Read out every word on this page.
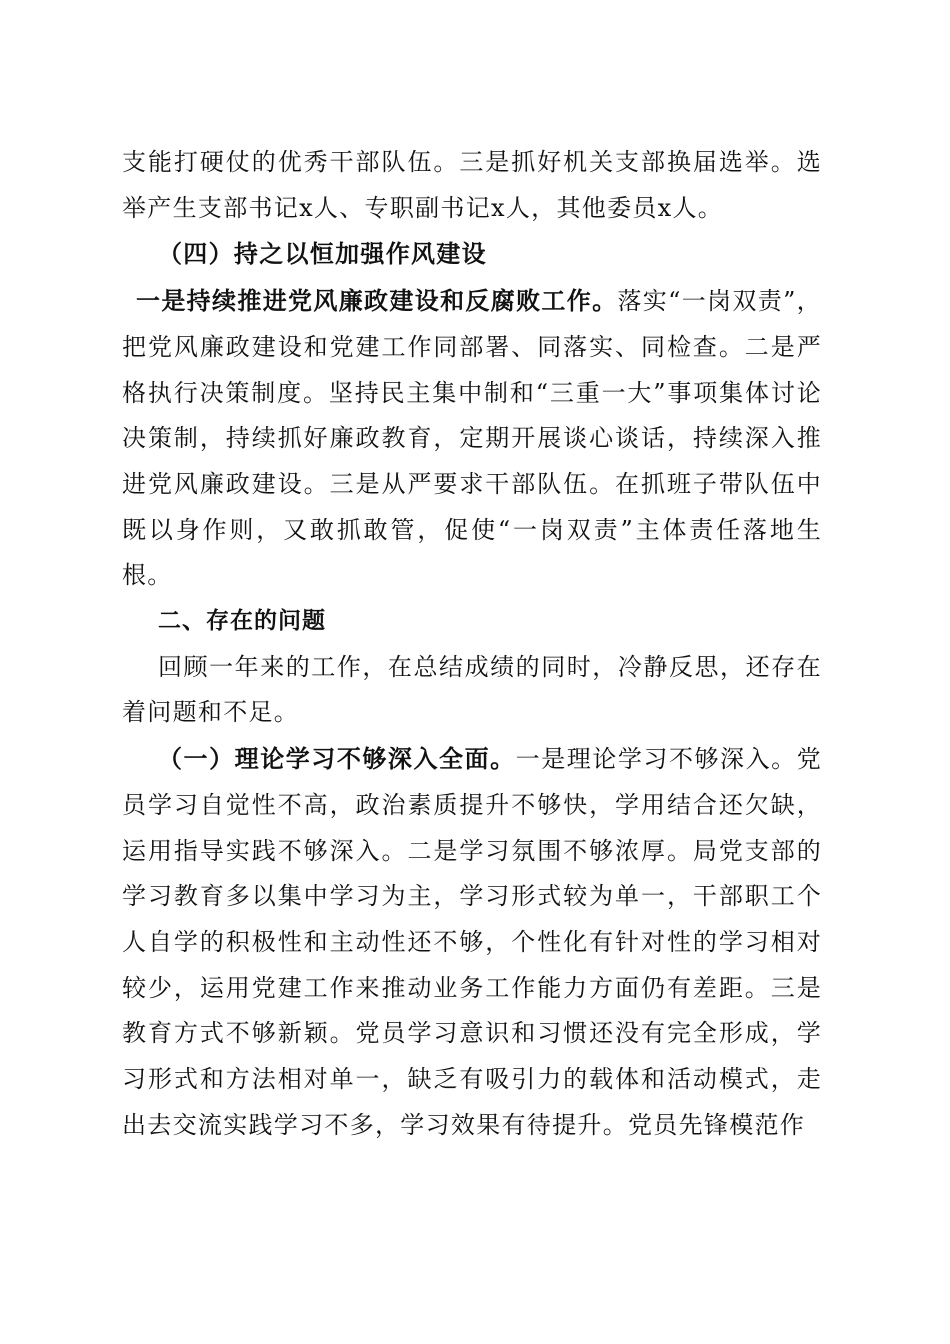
支能打硬仗的优秀干部队伍。三是抓好机关支部换届选举。选举产生支部书记x人、专职副书记x人，其他委员x人。

（四）持之以恒加强作风建设

一是持续推进党风廉政建设和反腐败工作。落实“一岗双责”，把党风廉政建设和党建工作同部署、同落实、同检查。二是严格执行决策制度。坚持民主集中制和“三重一大”事项集体讨论决策制，持续抓好廉政教育，定期开展谈心谈话，持续深入推进党风廉政建设。三是从严要求干部队伍。在抓班子带队伍中既以身作则，又敢抓敢管，促使“一岗双责”主体责任落地生根。

二、存在的问题

回顾一年来的工作，在总结成绩的同时，冷静反思，还存在着问题和不足。

（一）理论学习不够深入全面。一是理论学习不够深入。党员学习自觉性不高，政治素质提升不够快，学用结合还欠缺，运用指导实践不够深入。二是学习氛围不够浓厚。局党支部的学习教育多以集中学习为主，学习形式较为单一，干部职工个人自学的积极性和主动性还不够，个性化有针对性的学习相对较少，运用党建工作来推动业务工作能力方面仍有差距。三是教育方式不够新颖。党员学习意识和习惯还没有完全形成，学习形式和方法相对单一，缺乏有吸引力的载体和活动模式，走出去交流实践学习不多，学习效果有待提升。党员先锋模范作
